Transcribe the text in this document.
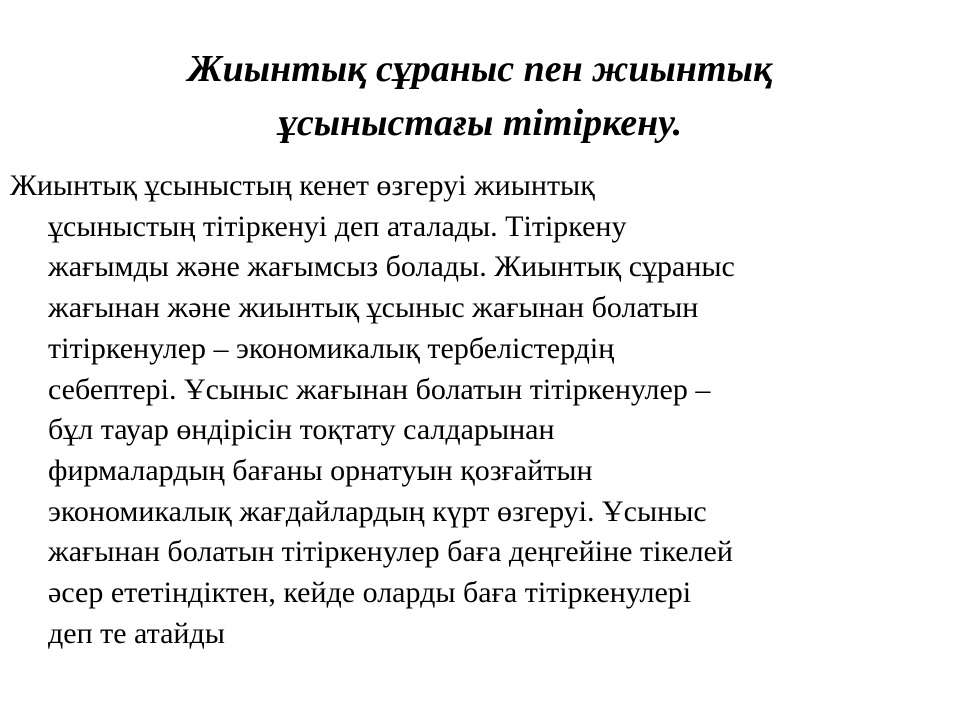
Жиынтық сұраныс пен жиынтық
ұсыныстағы тітіркену.
Жиынтық ұсыныстың кенет өзгеруі жиынтық
ұсыныстың тітіркенуі деп аталады. Тітіркену
жағымды және жағымсыз болады. Жиынтық сұраныс
жағынан және жиынтық ұсыныс жағынан болатын
тітіркенулер – экономикалық тербелістердің
себептері. Ұсыныс жағынан болатын тітіркенулер –
бұл тауар өндірісін тоқтату салдарынан
фирмалардың бағаны орнатуын қозғайтын
экономикалық жағдайлардың күрт өзгеруі. Ұсыныс
жағынан болатын тітіркенулер баға деңгейіне тікелей
әсер ететіндіктен, кейде оларды баға тітіркенулері
деп те атайды
